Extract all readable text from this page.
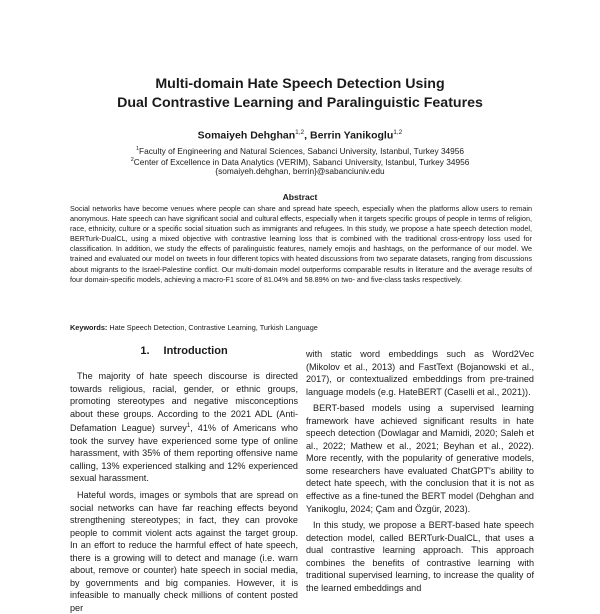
Multi-domain Hate Speech Detection Using
Dual Contrastive Learning and Paralinguistic Features
Somaiyeh Dehghan$^{1,2}$, Berrin Yanikoglu$^{1,2}$
$^1$Faculty of Engineering and Natural Sciences, Sabanci University, Istanbul, Turkey 34956
$^2$Center of Excellence in Data Analytics (VERIM), Sabanci University, Istanbul, Turkey 34956
{somaiyeh.dehghan, berrin}@sabanciuniv.edu
Abstract

Social networks have become venues where people can share and spread hate speech, especially when the platforms allow users to remain anonymous. Hate speech can have significant social and cultural effects, especially when it targets specific groups of people in terms of religion, race, ethnicity, culture or a specific social situation such as immigrants and refugees. In this study, we propose a hate speech detection model, BERTurk-DualCL, using a mixed objective with contrastive learning loss that is combined with the traditional cross-entropy loss used for classification. In addition, we study the effects of paralinguistic features, namely emojis and hashtags, on the performance of our model. We trained and evaluated our model on tweets in four different topics with heated discussions from two separate datasets, ranging from discussions about migrants to the Israel-Palestine conflict. Our multi-domain model outperforms comparable results in literature and the average results of four domain-specific models, achieving a macro-F1 score of 81.04% and 58.89% on two- and five-class tasks respectively.

Keywords: Hate Speech Detection, Contrastive Learning, Turkish Language

1. Introduction

The majority of hate speech discourse is directed towards religious, racial, gender, or ethnic groups, promoting stereotypes and negative misconceptions about these groups. According to the 2021 ADL (Anti-Defamation League) survey$^1$, 41% of Americans who took the survey have experienced some type of online harassment, with 35% of them reporting offensive name calling, 13% experienced stalking and 12% experienced sexual harassment.

Hateful words, images or symbols that are spread on social networks can have far reaching effects beyond strengthening stereotypes; in fact, they can provoke people to commit violent acts against the target group. In an effort to reduce the harmful effect of hate speech, there is a growing will to detect and manage (i.e. warn about, remove or counter) hate speech in social media, by governments and big companies. However, it is infeasible to manually check millions of content posted per

with static word embeddings such as Word2Vec (Mikolov et al., 2013) and FastText (Bojanowski et al., 2017), or contextualized embeddings from pre-trained language models (e.g. HateBERT (Caselli et al., 2021)).

BERT-based models using a supervised learning framework have achieved significant results in hate speech detection (Dowlagar and Mamidi, 2020; Saleh et al., 2022; Mathew et al., 2021; Beyhan et al., 2022). More recently, with the popularity of generative models, some researchers have evaluated ChatGPT's ability to detect hate speech, with the conclusion that it is not as effective as a fine-tuned the BERT model (Dehghan and Yanikoglu, 2024; Çam and Özgür, 2023).

In this study, we propose a BERT-based hate speech detection model, called BERTurk-DualCL, that uses a dual contrastive learning approach. This approach combines the benefits of contrastive learning with traditional supervised learning, to increase the quality of the learned embeddings and
